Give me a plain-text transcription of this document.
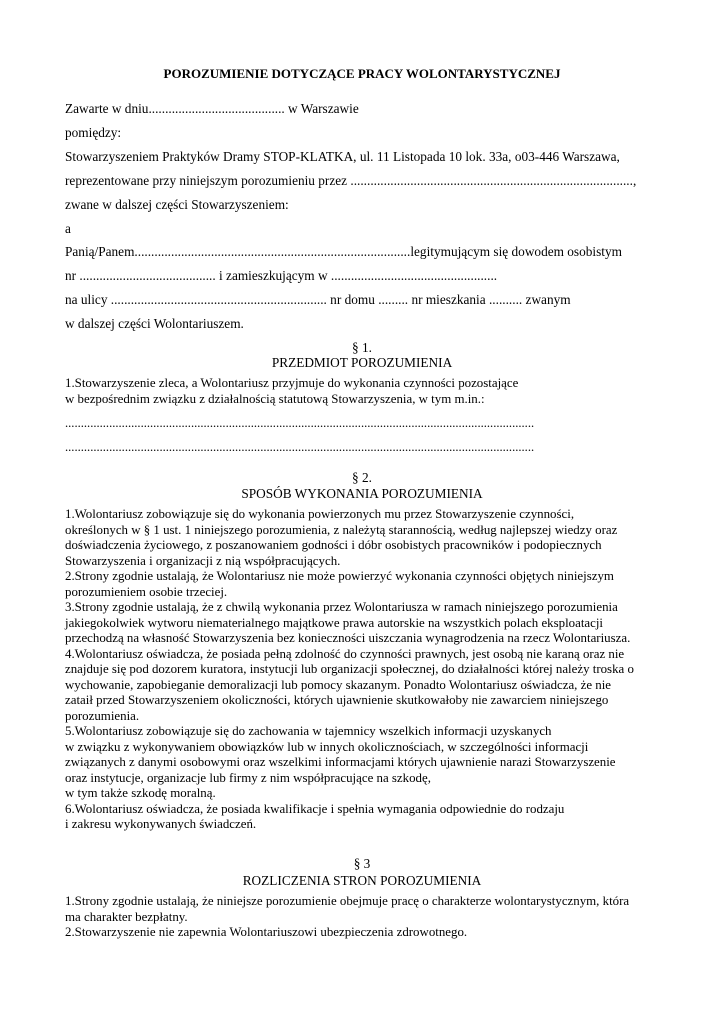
POROZUMIENIE DOTYCZĄCE PRACY WOLONTARYSTYCZNEJ
Zawarte w dniu......................................... w Warszawie
pomiędzy:
Stowarzyszeniem Praktyków Dramy STOP-KLATKA, ul. 11 Listopada 10 lok. 33a, o03-446 Warszawa,
reprezentowane przy niniejszym porozumieniu przez .....................................................................................,
zwane w dalszej części Stowarzyszeniem:
a
Panią/Panem...................................................................................legitymującym się dowodem osobistym
nr ......................................... i zamieszkującym w ..................................................
na ulicy ................................................................. nr domu ......... nr mieszkania .......... zwanym
w dalszej części Wolontariuszem.
§ 1.
PRZEDMIOT POROZUMIENIA
1.Stowarzyszenie zleca, a Wolontariusz przyjmuje do wykonania czynności pozostające
w bezpośrednim związku z działalnością statutową Stowarzyszenia, w tym m.in.:
.....................................................................................................................................................
.....................................................................................................................................................
§ 2.
SPOSÓB WYKONANIA POROZUMIENIA
1.Wolontariusz zobowiązuje się do wykonania powierzonych mu przez Stowarzyszenie czynności,
określonych w § 1 ust. 1 niniejszego porozumienia, z należytą starannością, według najlepszej wiedzy oraz
doświadczenia życiowego, z poszanowaniem godności i dóbr osobistych pracowników i podopiecznych
Stowarzyszenia i organizacji z nią współpracujących.
2.Strony zgodnie ustalają, że Wolontariusz nie może powierzyć wykonania czynności objętych niniejszym
porozumieniem osobie trzeciej.
3.Strony zgodnie ustalają, że z chwilą wykonania przez Wolontariusza w ramach niniejszego porozumienia
jakiegokolwiek wytworu niematerialnego majątkowe prawa autorskie na wszystkich polach eksploatacji
przechodzą na własność Stowarzyszenia bez konieczności uiszczania wynagrodzenia na rzecz Wolontariusza.
4.Wolontariusz oświadcza, że posiada pełną zdolność do czynności prawnych, jest osobą nie karaną oraz nie
znajduje się pod dozorem kuratora, instytucji lub organizacji społecznej, do działalności której należy troska o
wychowanie, zapobieganie demoralizacji lub pomocy skazanym. Ponadto Wolontariusz oświadcza, że nie
zataił przed Stowarzyszeniem okoliczności, których ujawnienie skutkowałoby nie zawarciem niniejszego
porozumienia.
5.Wolontariusz zobowiązuje się do zachowania w tajemnicy wszelkich informacji uzyskanych
w związku z wykonywaniem obowiązków lub w innych okolicznościach, w szczególności informacji
związanych z danymi osobowymi oraz wszelkimi informacjami których ujawnienie narazi Stowarzyszenie
oraz instytucje, organizacje lub firmy z nim współpracujące na szkodę,
w tym także szkodę moralną.
6.Wolontariusz oświadcza, że posiada kwalifikacje i spełnia wymagania odpowiednie do rodzaju
i zakresu wykonywanych świadczeń.
§ 3
ROZLICZENIA STRON POROZUMIENIA
1.Strony zgodnie ustalają, że niniejsze porozumienie obejmuje pracę o charakterze wolontarystycznym, która
ma charakter bezpłatny.
2.Stowarzyszenie nie zapewnia Wolontariuszowi ubezpieczenia zdrowotnego.
